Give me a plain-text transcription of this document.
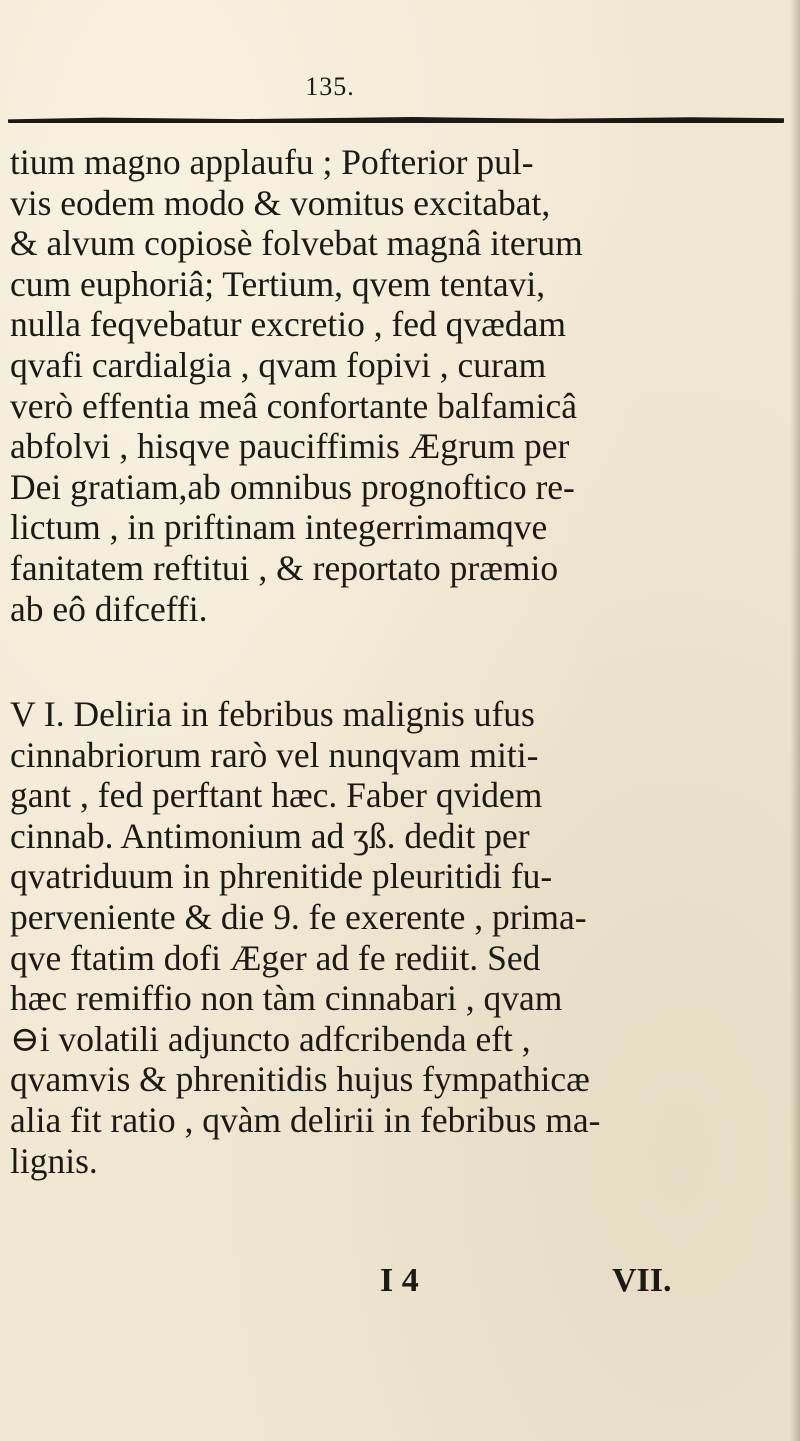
135.
tium magno applaufu ; Pofterior pul-
vis eodem modo & vomitus excitabat,
& alvum copiosè folvebat magnâ iterum
cum euphoriâ; Tertium, qvem tentavi,
nulla feqvebatur excretio , fed qvædam
qvafi cardialgia , qvam fopivi , curam
verò effentia meâ confortante balfamicâ
abfolvi , hisqve pauciffimis Ægrum per
Dei gratiam,ab omnibus prognoftico re-
lictum , in priftinam integerrimamqve
fanitatem reftitui , & reportato præmio
ab eô difceffi.
V I. Deliria in febribus malignis ufus
cinnabriorum rarò vel nunqvam miti-
gant , fed perftant hæc. Faber qvidem
cinnab. Antimonium ad ʒß. dedit per
qvatriduum in phrenitide pleuritidi fu-
perveniente & die 9. fe exerente , prima-
qve ftatim dofi Æger ad fe rediit. Sed
hæc remiffio non tàm cinnabari , qvam
⊖i volatili adjuncto adfcribenda eft ,
qvamvis & phrenitidis hujus fympathicæ
alia fit ratio , qvàm delirii in febribus ma-
lignis.
I 4	VII.
